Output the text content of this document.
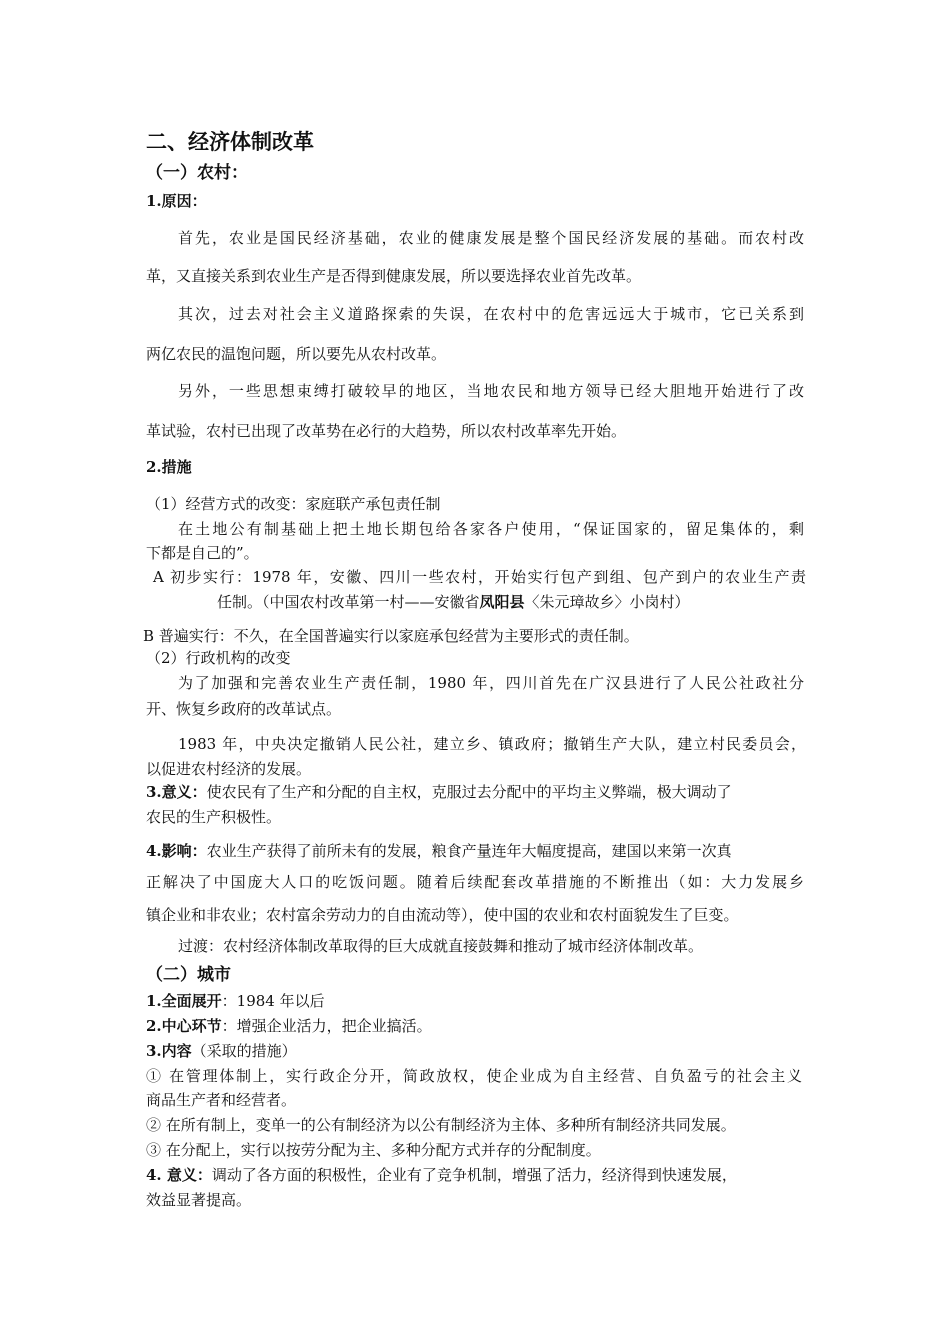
二、经济体制改革
（一）农村：
1.原因：
首先，农业是国民经济基础，农业的健康发展是整个国民经济发展的基础。而农村改
革，又直接关系到农业生产是否得到健康发展，所以要选择农业首先改革。
其次，过去对社会主义道路探索的失误，在农村中的危害远远大于城市，它已关系到
两亿农民的温饱问题，所以要先从农村改革。
另外，一些思想束缚打破较早的地区，当地农民和地方领导已经大胆地开始进行了改
革试验，农村已出现了改革势在必行的大趋势，所以农村改革率先开始。
2.措施
（1）经营方式的改变：家庭联产承包责任制
在土地公有制基础上把土地长期包给各家各户使用，“保证国家的，留足集体的，剩
下都是自己的”。
A 初步实行：1978 年，安徽、四川一些农村，开始实行包产到组、包产到户的农业生产责
任制。（中国农村改革第一村——安徽省凤阳县〈朱元璋故乡〉小岗村）
B 普遍实行：不久，在全国普遍实行以家庭承包经营为主要形式的责任制。
（2）行政机构的改变
为了加强和完善农业生产责任制，1980 年，四川首先在广汉县进行了人民公社政社分
开、恢复乡政府的改革试点。
1983 年，中央决定撤销人民公社，建立乡、镇政府；撤销生产大队，建立村民委员会，
以促进农村经济的发展。
3.意义：使农民有了生产和分配的自主权，克服过去分配中的平均主义弊端，极大调动了
农民的生产积极性。
4.影响：农业生产获得了前所未有的发展，粮食产量连年大幅度提高，建国以来第一次真
正解决了中国庞大人口的吃饭问题。随着后续配套改革措施的不断推出（如：大力发展乡
镇企业和非农业；农村富余劳动力的自由流动等），使中国的农业和农村面貌发生了巨变。
过渡：农村经济体制改革取得的巨大成就直接鼓舞和推动了城市经济体制改革。
（二）城市
1.全面展开：1984 年以后
2.中心环节：增强企业活力，把企业搞活。
3.内容（采取的措施）
① 在管理体制上，实行政企分开，简政放权，使企业成为自主经营、自负盈亏的社会主义
商品生产者和经营者。
② 在所有制上，变单一的公有制经济为以公有制经济为主体、多种所有制经济共同发展。
③ 在分配上，实行以按劳分配为主、多种分配方式并存的分配制度。
4. 意义：调动了各方面的积极性，企业有了竞争机制，增强了活力，经济得到快速发展，
效益显著提高。
